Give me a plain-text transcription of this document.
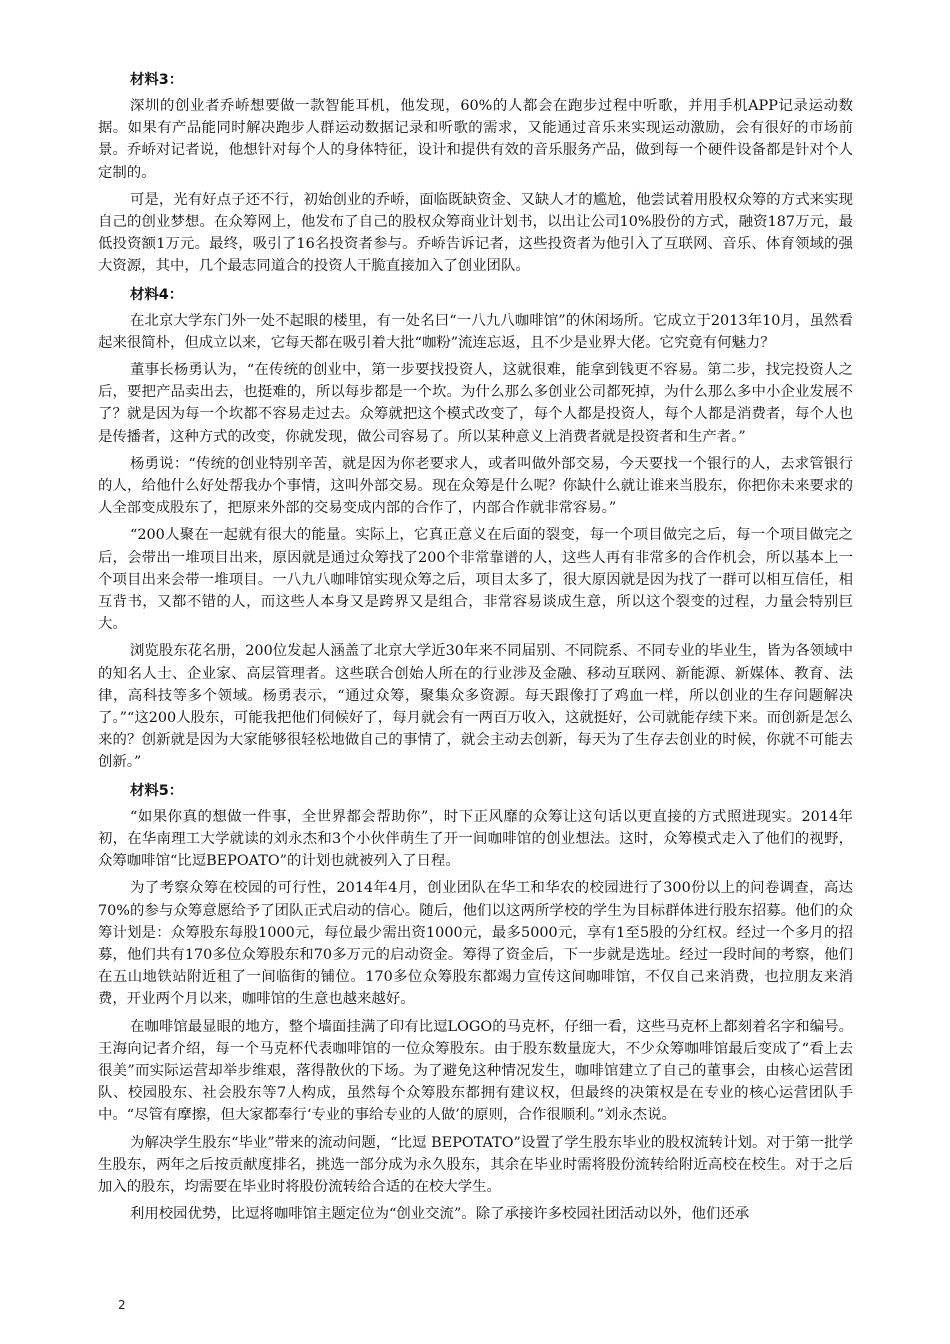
材料3：

深圳的创业者乔峤想要做一款智能耳机，他发现，60%的人都会在跑步过程中听歌，并用手机APP记录运动数据。如果有产品能同时解决跑步人群运动数据记录和听歌的需求，又能通过音乐来实现运动激励，会有很好的市场前景。乔峤对记者说，他想针对每个人的身体特征，设计和提供有效的音乐服务产品，做到每一个硬件设备都是针对个人定制的。

可是，光有好点子还不行，初始创业的乔峤，面临既缺资金、又缺人才的尴尬，他尝试着用股权众筹的方式来实现自己的创业梦想。在众筹网上，他发布了自己的股权众筹商业计划书，以出让公司10%股份的方式，融资187万元，最低投资额1万元。最终，吸引了16名投资者参与。乔峤告诉记者，这些投资者为他引入了互联网、音乐、体育领域的强大资源，其中，几个最志同道合的投资人干脆直接加入了创业团队。

材料4：

在北京大学东门外一处不起眼的楼里，有一处名曰“一八九八咖啡馆”的休闲场所。它成立于2013年10月，虽然看起来很简朴，但成立以来，它每天都在吸引着大批“咖粉”流连忘返，且不少是业界大佬。它究竟有何魅力？

董事长杨勇认为，“在传统的创业中，第一步要找投资人，这就很难，能拿到钱更不容易。第二步，找完投资人之后，要把产品卖出去，也挺难的，所以每步都是一个坎。为什么那么多创业公司都死掉，为什么那么多中小企业发展不了？就是因为每一个坎都不容易走过去。众筹就把这个模式改变了，每个人都是投资人，每个人都是消费者，每个人也是传播者，这种方式的改变，你就发现，做公司容易了。所以某种意义上消费者就是投资者和生产者。”

杨勇说：“传统的创业特别辛苦，就是因为你老要求人，或者叫做外部交易，今天要找一个银行的人，去求管银行的人，给他什么好处帮我办个事情，这叫外部交易。现在众筹是什么呢？你缺什么就让谁来当股东，你把你未来要求的人全部变成股东了，把原来外部的交易变成内部的合作了，内部合作就非常容易。”

“200人聚在一起就有很大的能量。实际上，它真正意义在后面的裂变，每一个项目做完之后，每一个项目做完之后，会带出一堆项目出来，原因就是通过众筹找了200个非常靠谱的人，这些人再有非常多的合作机会，所以基本上一个项目出来会带一堆项目。一八九八咖啡馆实现众筹之后，项目太多了，很大原因就是因为找了一群可以相互信任，相互背书，又都不错的人，而这些人本身又是跨界又是组合，非常容易谈成生意，所以这个裂变的过程，力量会特别巨大。

浏览股东花名册，200位发起人涵盖了北京大学近30年来不同届别、不同院系、不同专业的毕业生，皆为各领域中的知名人士、企业家、高层管理者。这些联合创始人所在的行业涉及金融、移动互联网、新能源、新媒体、教育、法律，高科技等多个领域。杨勇表示，“通过众筹，聚集众多资源。每天跟像打了鸡血一样，所以创业的生存问题解决了。”“这200人股东，可能我把他们伺候好了，每月就会有一两百万收入，这就挺好，公司就能存续下来。而创新是怎么来的？创新就是因为大家能够很轻松地做自己的事情了，就会主动去创新，每天为了生存去创业的时候，你就不可能去创新。”

材料5：

“如果你真的想做一件事，全世界都会帮助你”，时下正风靡的众筹让这句话以更直接的方式照进现实。2014年初，在华南理工大学就读的刘永杰和3个小伙伴萌生了开一间咖啡馆的创业想法。这时，众筹模式走入了他们的视野，众筹咖啡馆“比逗BEPOATO”的计划也就被列入了日程。

为了考察众筹在校园的可行性，2014年4月，创业团队在华工和华农的校园进行了300份以上的问卷调查，高达70%的参与众筹意愿给予了团队正式启动的信心。随后，他们以这两所学校的学生为目标群体进行股东招募。他们的众筹计划是：众筹股东每股1000元，每位最少需出资1000元，最多5000元，享有1至5股的分红权。经过一个多月的招募，他们共有170多位众筹股东和70多万元的启动资金。筹得了资金后，下一步就是选址。经过一段时间的考察，他们在五山地铁站附近租了一间临街的铺位。170多位众筹股东都竭力宣传这间咖啡馆，不仅自己来消费，也拉朋友来消费，开业两个月以来，咖啡馆的生意也越来越好。

在咖啡馆最显眼的地方，整个墙面挂满了印有比逗LOGO的马克杯，仔细一看，这些马克杯上都刻着名字和编号。王海向记者介绍，每一个马克杯代表咖啡馆的一位众筹股东。由于股东数量庞大，不少众筹咖啡馆最后变成了“看上去很美”而实际运营却举步维艰，落得散伙的下场。为了避免这种情况发生，咖啡馆建立了自己的董事会，由核心运营团队、校园股东、社会股东等7人构成，虽然每个众筹股东都拥有建议权，但最终的决策权是在专业的核心运营团队手中。“尽管有摩擦，但大家都奉行‘专业的事给专业的人做’的原则，合作很顺利。”刘永杰说。

为解决学生股东“毕业”带来的流动问题，“比逗 BEPOTATO”设置了学生股东毕业的股权流转计划。对于第一批学生股东，两年之后按贡献度排名，挑选一部分成为永久股东，其余在毕业时需将股份流转给附近高校在校生。对于之后加入的股东，均需要在毕业时将股份流转给合适的在校大学生。

利用校园优势，比逗将咖啡馆主题定位为“创业交流”。除了承接许多校园社团活动以外，他们还承

2
